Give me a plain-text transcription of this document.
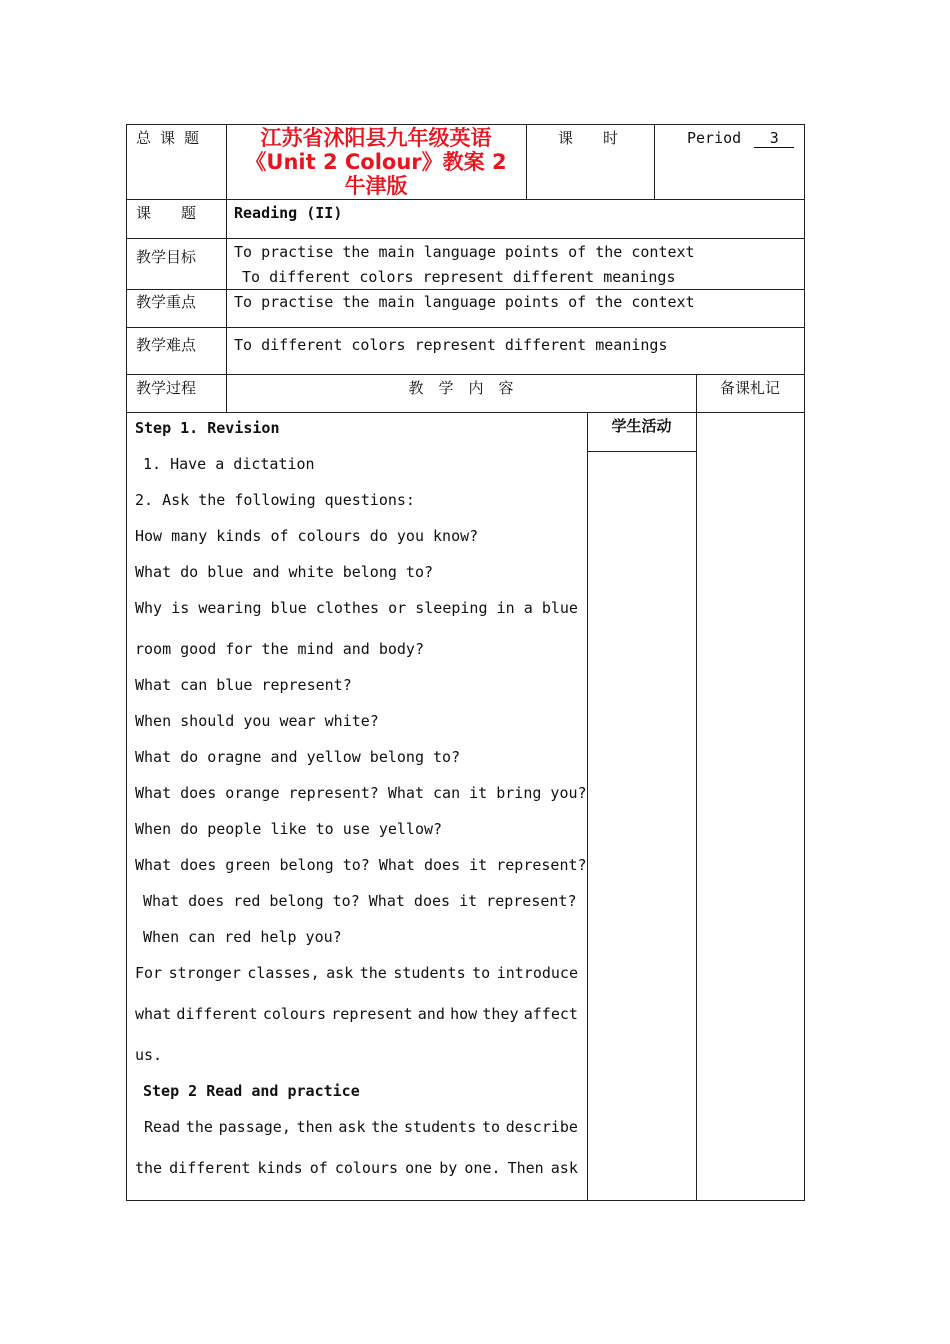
总 课 题	江苏省沭阳县九年级英语
《Unit 2 Colour》教案 2
牛津版
课　　时	Period 3
课　　题	Reading (II)
教学目标	To practise the main language points of the context
To different colors represent different meanings
教学重点	To practise the main language points of the context
教学难点	To different colors represent different meanings
教学过程	教　学　内　容	备课札记
学生活动
Step 1. Revision
1. Have a dictation
2. Ask the following questions:
How many kinds of colours do you know?
What do blue and white belong to?
Why is wearing blue clothes or sleeping in a blue
room good for the mind and body?
What can blue represent?
When should you wear white?
What do oragne and yellow belong to?
What does orange represent? What can it bring you?
When do people like to use yellow?
What does green belong to? What does it represent?
What does red belong to? What does it represent?
When can red help you?
For stronger classes, ask the students to introduce
what different colours represent and how they affect
us.
Step 2 Read and practice
Read the passage, then ask the students to describe
the different kinds of colours one by one. Then ask
